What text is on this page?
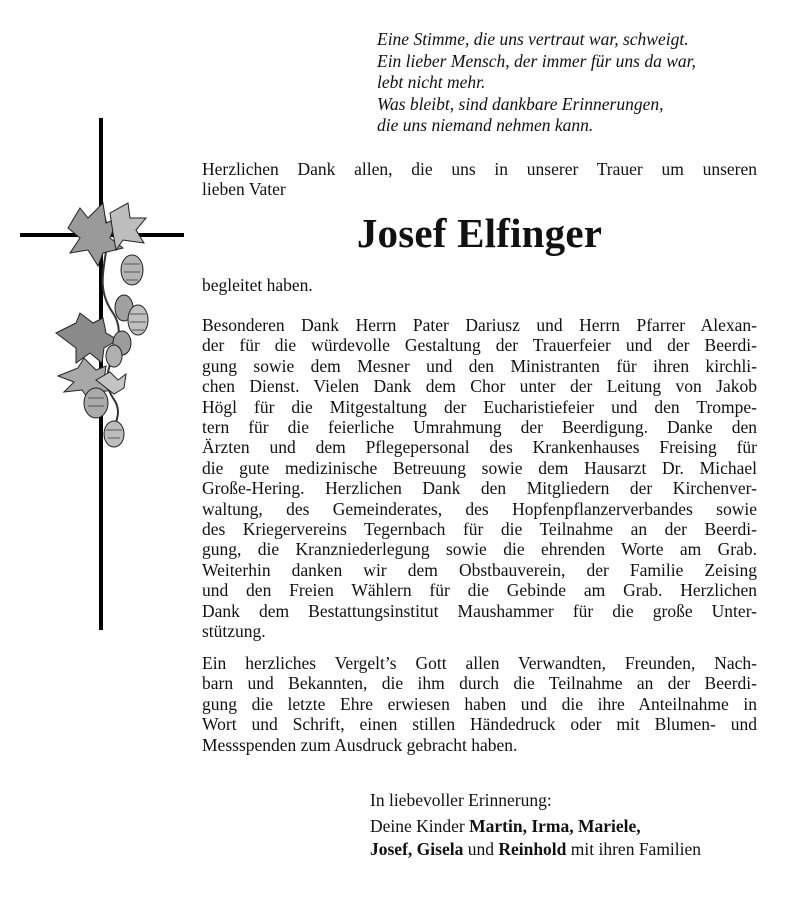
Eine Stimme, die uns vertraut war, schweigt.
Ein lieber Mensch, der immer für uns da war,
lebt nicht mehr.
Was bleibt, sind dankbare Erinnerungen,
die uns niemand nehmen kann.
Herzlichen Dank allen, die uns in unserer Trauer um unseren
lieben Vater
Josef Elfinger
begleitet haben.
Besonderen Dank Herrn Pater Dariusz und Herrn Pfarrer Alexan-
der für die würdevolle Gestaltung der Trauerfeier und der Beerdi-
gung sowie dem Mesner und den Ministranten für ihren kirchli-
chen Dienst. Vielen Dank dem Chor unter der Leitung von Jakob
Högl für die Mitgestaltung der Eucharistiefeier und den Trompe-
tern für die feierliche Umrahmung der Beerdigung. Danke den
Ärzten und dem Pflegepersonal des Krankenhauses Freising für
die gute medizinische Betreuung sowie dem Hausarzt Dr. Michael
Große-Hering. Herzlichen Dank den Mitgliedern der Kirchenver-
waltung, des Gemeinderates, des Hopfenpflanzerverbandes sowie
des Kriegervereins Tegernbach für die Teilnahme an der Beerdi-
gung, die Kranzniederlegung sowie die ehrenden Worte am Grab.
Weiterhin danken wir dem Obstbauverein, der Familie Zeising
und den Freien Wählern für die Gebinde am Grab. Herzlichen
Dank dem Bestattungsinstitut Maushammer für die große Unter-
stützung.
Ein herzliches Vergelt’s Gott allen Verwandten, Freunden, Nach-
barn und Bekannten, die ihm durch die Teilnahme an der Beerdi-
gung die letzte Ehre erwiesen haben und die ihre Anteilnahme in
Wort und Schrift, einen stillen Händedruck oder mit Blumen- und
Messspenden zum Ausdruck gebracht haben.
In liebevoller Erinnerung:
Deine Kinder Martin, Irma, Mariele,
Josef, Gisela und Reinhold mit ihren Familien
